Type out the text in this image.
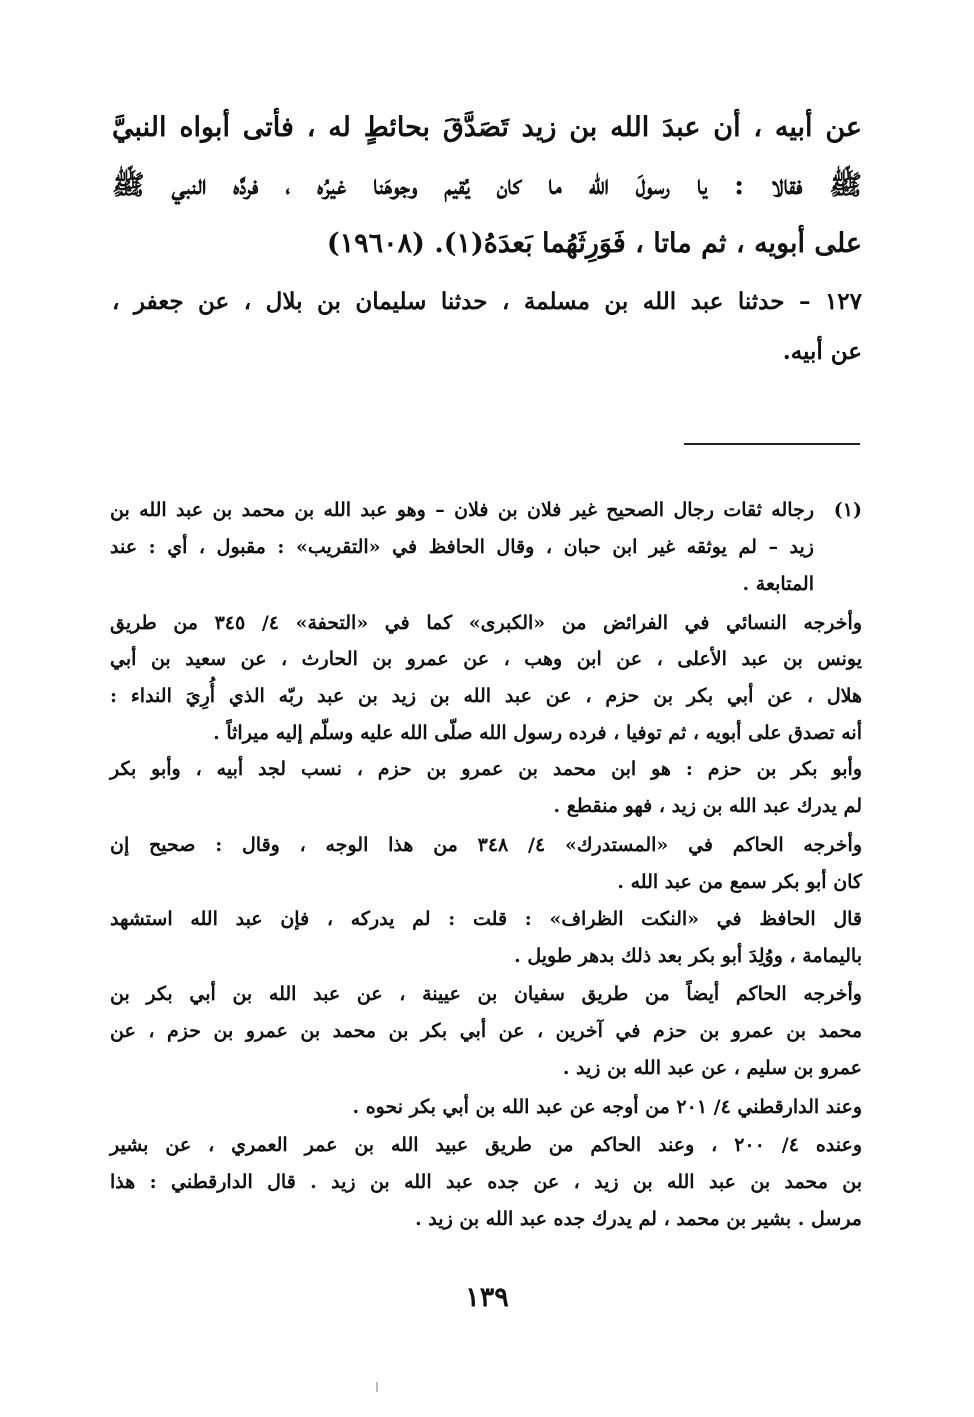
عن أبيه ، أن عبدَ الله بن زيد تَصَدَّقَ بحائطٍ له ، فأتى أبواه النبيَّ
ﷺ فقالا : يا رسولَ الله ما كان يُقيم وجوهَنا غيرُه ، فردَّه النبي ﷺ
على أبويه ، ثم ماتا ، فَوَرِثَهُما بَعدَهُ(١). (١٩٦٠٨)
١٢٧ – حدثنا عبد الله بن مسلمة ، حدثنا سليمان بن بلال ، عن جعفر ،
عن أبيه.
(١)
رجاله ثقات رجال الصحيح غير فلان بن فلان – وهو عبد الله بن محمد بن عبد الله بن
زيد – لم يوثقه غير ابن حبان ، وقال الحافظ في «التقريب» : مقبول ، أي : عند
المتابعة .
وأخرجه النسائي في الفرائض من «الكبرى» كما في «التحفة» ٤/ ٣٤٥ من طريق
يونس بن عبد الأعلى ، عن ابن وهب ، عن عمرو بن الحارث ، عن سعيد بن أبي
هلال ، عن أبي بكر بن حزم ، عن عبد الله بن زيد بن عبد ربّه الذي أُرِيَ النداء :
أنه تصدق على أبويه ، ثم توفيا ، فرده رسول الله صلّى الله عليه وسلّم إليه ميراثاً .
وأبو بكر بن حزم : هو ابن محمد بن عمرو بن حزم ، نسب لجد أبيه ، وأبو بكر
لم يدرك عبد الله بن زيد ، فهو منقطع .
وأخرجه الحاكم في «المستدرك» ٤/ ٣٤٨ من هذا الوجه ، وقال : صحيح إن
كان أبو بكر سمع من عبد الله .
قال الحافظ في «النكت الظراف» : قلت : لم يدركه ، فإن عبد الله استشهد
باليمامة ، ووُلِدَ أبو بكر بعد ذلك بدهر طويل .
وأخرجه الحاكم أيضاً من طريق سفيان بن عيينة ، عن عبد الله بن أبي بكر بن
محمد بن عمرو بن حزم في آخرين ، عن أبي بكر بن محمد بن عمرو بن حزم ، عن
عمرو بن سليم ، عن عبد الله بن زيد .
وعند الدارقطني ٤/ ٢٠١ من أوجه عن عبد الله بن أبي بكر نحوه .
وعنده ٤/ ٢٠٠ ، وعند الحاكم من طريق عبيد الله بن عمر العمري ، عن بشير
بن محمد بن عبد الله بن زيد ، عن جده عبد الله بن زيد . قال الدارقطني : هذا
مرسل . بشير بن محمد ، لم يدرك جده عبد الله بن زيد .
١٣٩
